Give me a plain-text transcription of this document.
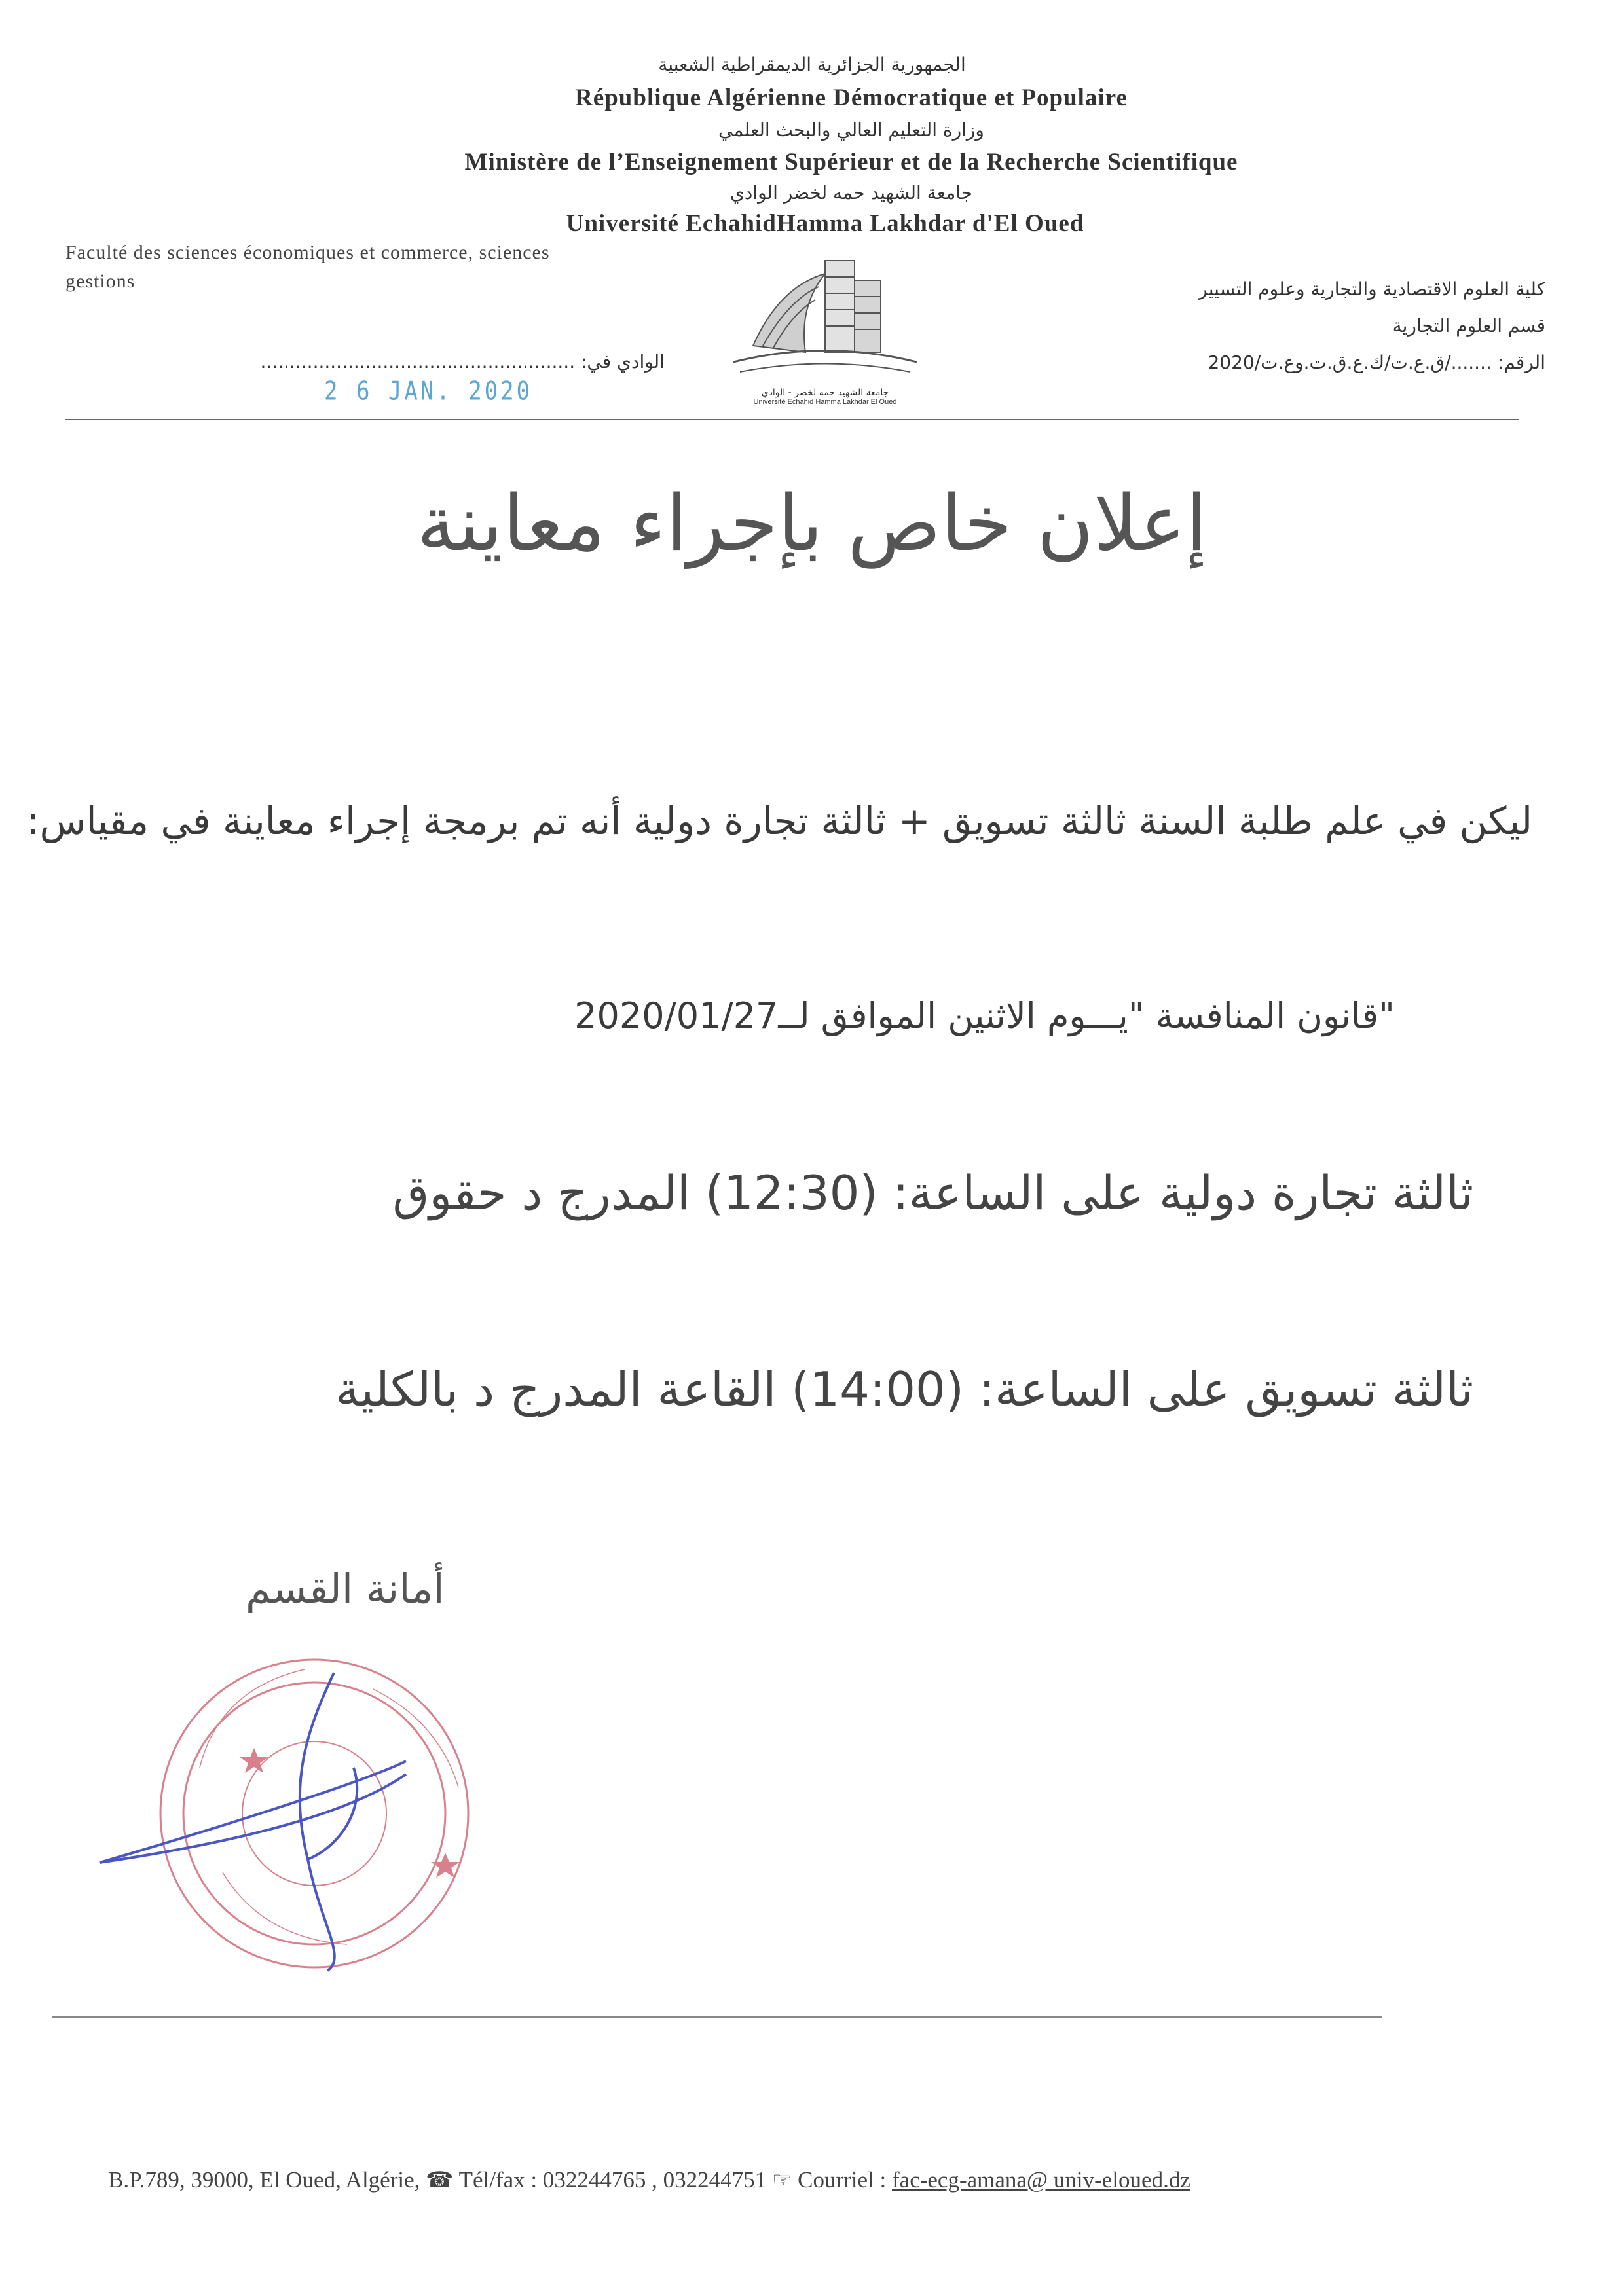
الجمهورية الجزائرية الديمقراطية الشعبية
République Algérienne Démocratique et Populaire
وزارة التعليم العالي والبحث العلمي
Ministère de l’Enseignement Supérieur et de la Recherche Scientifique
جامعة الشهيد حمه لخضر الوادي
Université EchahidHamma Lakhdar d'El Oued
Faculté des sciences économiques et commerce, sciences
gestions
الوادي في: ......................................................
2 6 JAN. 2020
كلية العلوم الاقتصادية والتجارية وعلوم التسيير
قسم العلوم التجارية
الرقم: ......./ق.ع.ت/ك.ع.ق.ت.وع.ت/2020
جامعة الشهيد حمه لخضر - الوادي
Université Echahid Hamma Lakhdar El Oued
إعلان خاص بإجراء معاينة
ليكن في علم طلبة السنة ثالثة تسويق + ثالثة تجارة دولية أنه تم برمجة إجراء معاينة في مقياس:
"قانون المنافسة "يـــوم الاثنين الموافق لــ2020/01/27
ثالثة تجارة دولية على الساعة: (12:30) المدرج د حقوق
ثالثة تسويق على الساعة: (14:00) القاعة المدرج د بالكلية
أمانة القسم
B.P.789, 39000, El Oued, Algérie, ☎ Tél/fax : 032244765 , 032244751 ☞ Courriel : fac-ecg-amana@ univ-eloued.dz
